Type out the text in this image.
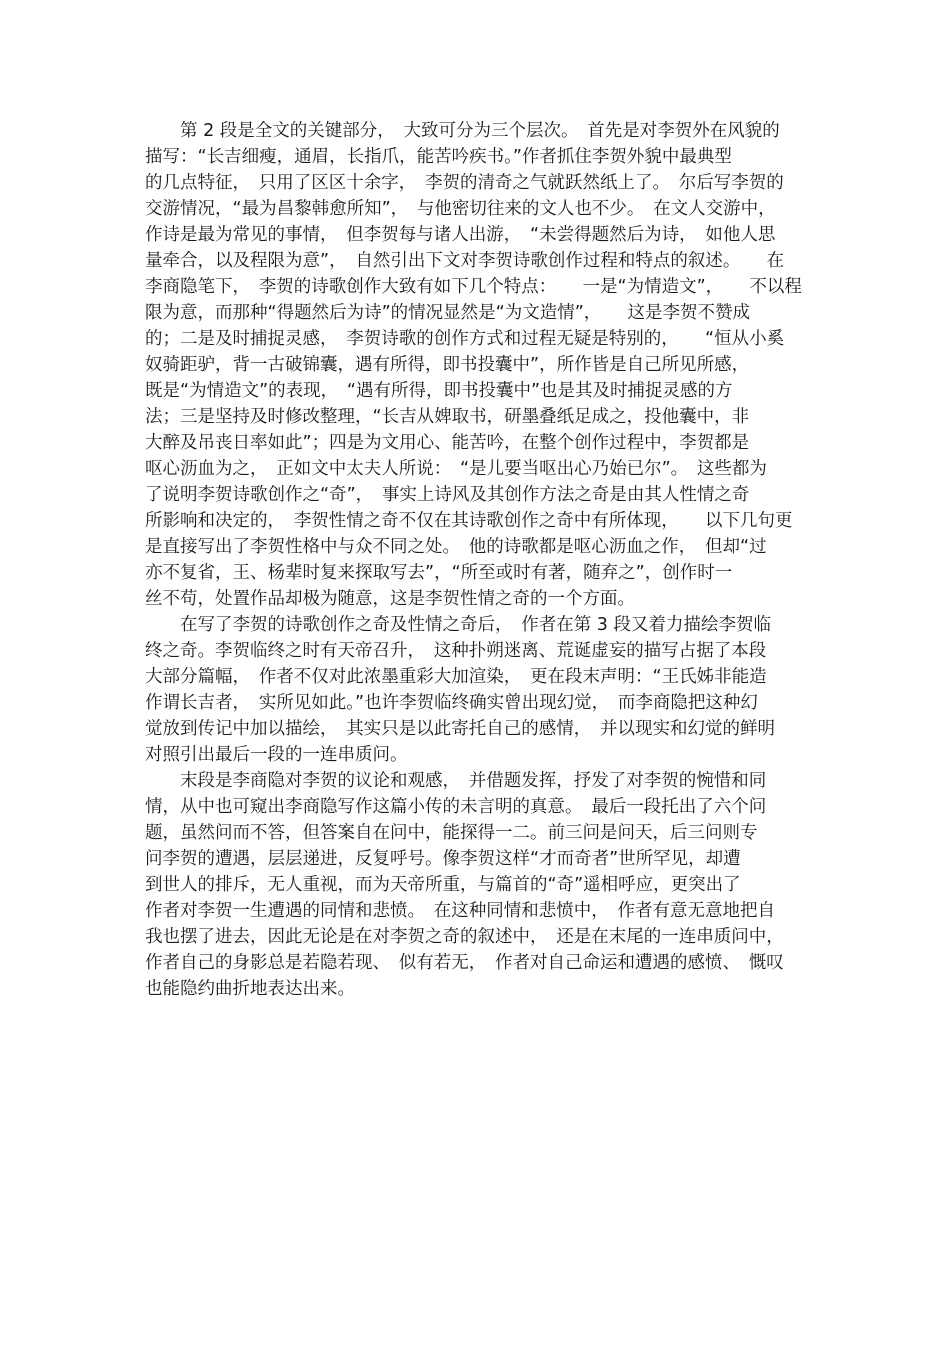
　　第 2 段是全文的关键部分，　大致可分为三个层次。　首先是对李贺外在风貌的
描写：“长吉细瘦，通眉，长指爪，能苦吟疾书。”作者抓住李贺外貌中最典型
的几点特征，　只用了区区十余字，　李贺的清奇之气就跃然纸上了。　尔后写李贺的
交游情况，“最为昌黎韩愈所知”，　与他密切往来的文人也不少。　在文人交游中，
作诗是最为常见的事情，　但李贺每与诸人出游，　“未尝得题然后为诗，　如他人思
量牵合，以及程限为意”，　自然引出下文对李贺诗歌创作过程和特点的叙述。　　在
李商隐笔下，　李贺的诗歌创作大致有如下几个特点：　　一是“为情造文”，　　不以程
限为意，而那种“得题然后为诗”的情况显然是“为文造情”，　　这是李贺不赞成
的；二是及时捕捉灵感，　李贺诗歌的创作方式和过程无疑是特别的，　　“恒从小奚
奴骑距驴，背一古破锦囊，遇有所得，即书投囊中”，所作皆是自己所见所感，
既是“为情造文”的表现，　“遇有所得，即书投囊中”也是其及时捕捉灵感的方
法；三是坚持及时修改整理，“长吉从婢取书，研墨叠纸足成之，投他囊中，非
大醉及吊丧日率如此”；四是为文用心、能苦吟，在整个创作过程中，李贺都是
呕心沥血为之，　正如文中太夫人所说：　“是儿要当呕出心乃始已尔”。　这些都为
了说明李贺诗歌创作之“奇”，　事实上诗风及其创作方法之奇是由其人性情之奇
所影响和决定的，　李贺性情之奇不仅在其诗歌创作之奇中有所体现，　　以下几句更
是直接写出了李贺性格中与众不同之处。　他的诗歌都是呕心沥血之作，　但却“过
亦不复省，王、杨辈时复来探取写去”，“所至或时有著，随弃之”，创作时一
丝不苟，处置作品却极为随意，这是李贺性情之奇的一个方面。
　　在写了李贺的诗歌创作之奇及性情之奇后，　作者在第 3 段又着力描绘李贺临
终之奇。李贺临终之时有天帝召升，　这种扑朔迷离、荒诞虚妄的描写占据了本段
大部分篇幅，　作者不仅对此浓墨重彩大加渲染，　更在段末声明：“王氏姊非能造
作谓长吉者，　实所见如此。”也许李贺临终确实曾出现幻觉，　而李商隐把这种幻
觉放到传记中加以描绘，　其实只是以此寄托自己的感情，　并以现实和幻觉的鲜明
对照引出最后一段的一连串质问。
　　末段是李商隐对李贺的议论和观感，　并借题发挥，抒发了对李贺的惋惜和同
情，从中也可窥出李商隐写作这篇小传的未言明的真意。　最后一段托出了六个问
题，虽然问而不答，但答案自在问中，能探得一二。前三问是问天，后三问则专
问李贺的遭遇，层层递进，反复呼号。像李贺这样“才而奇者”世所罕见，却遭
到世人的排斥，无人重视，而为天帝所重，与篇首的“奇”遥相呼应，更突出了
作者对李贺一生遭遇的同情和悲愤。　在这种同情和悲愤中，　作者有意无意地把自
我也摆了进去，因此无论是在对李贺之奇的叙述中，　还是在末尾的一连串质问中，
作者自己的身影总是若隐若现、　似有若无，　作者对自己命运和遭遇的感愤、　慨叹
也能隐约曲折地表达出来。
